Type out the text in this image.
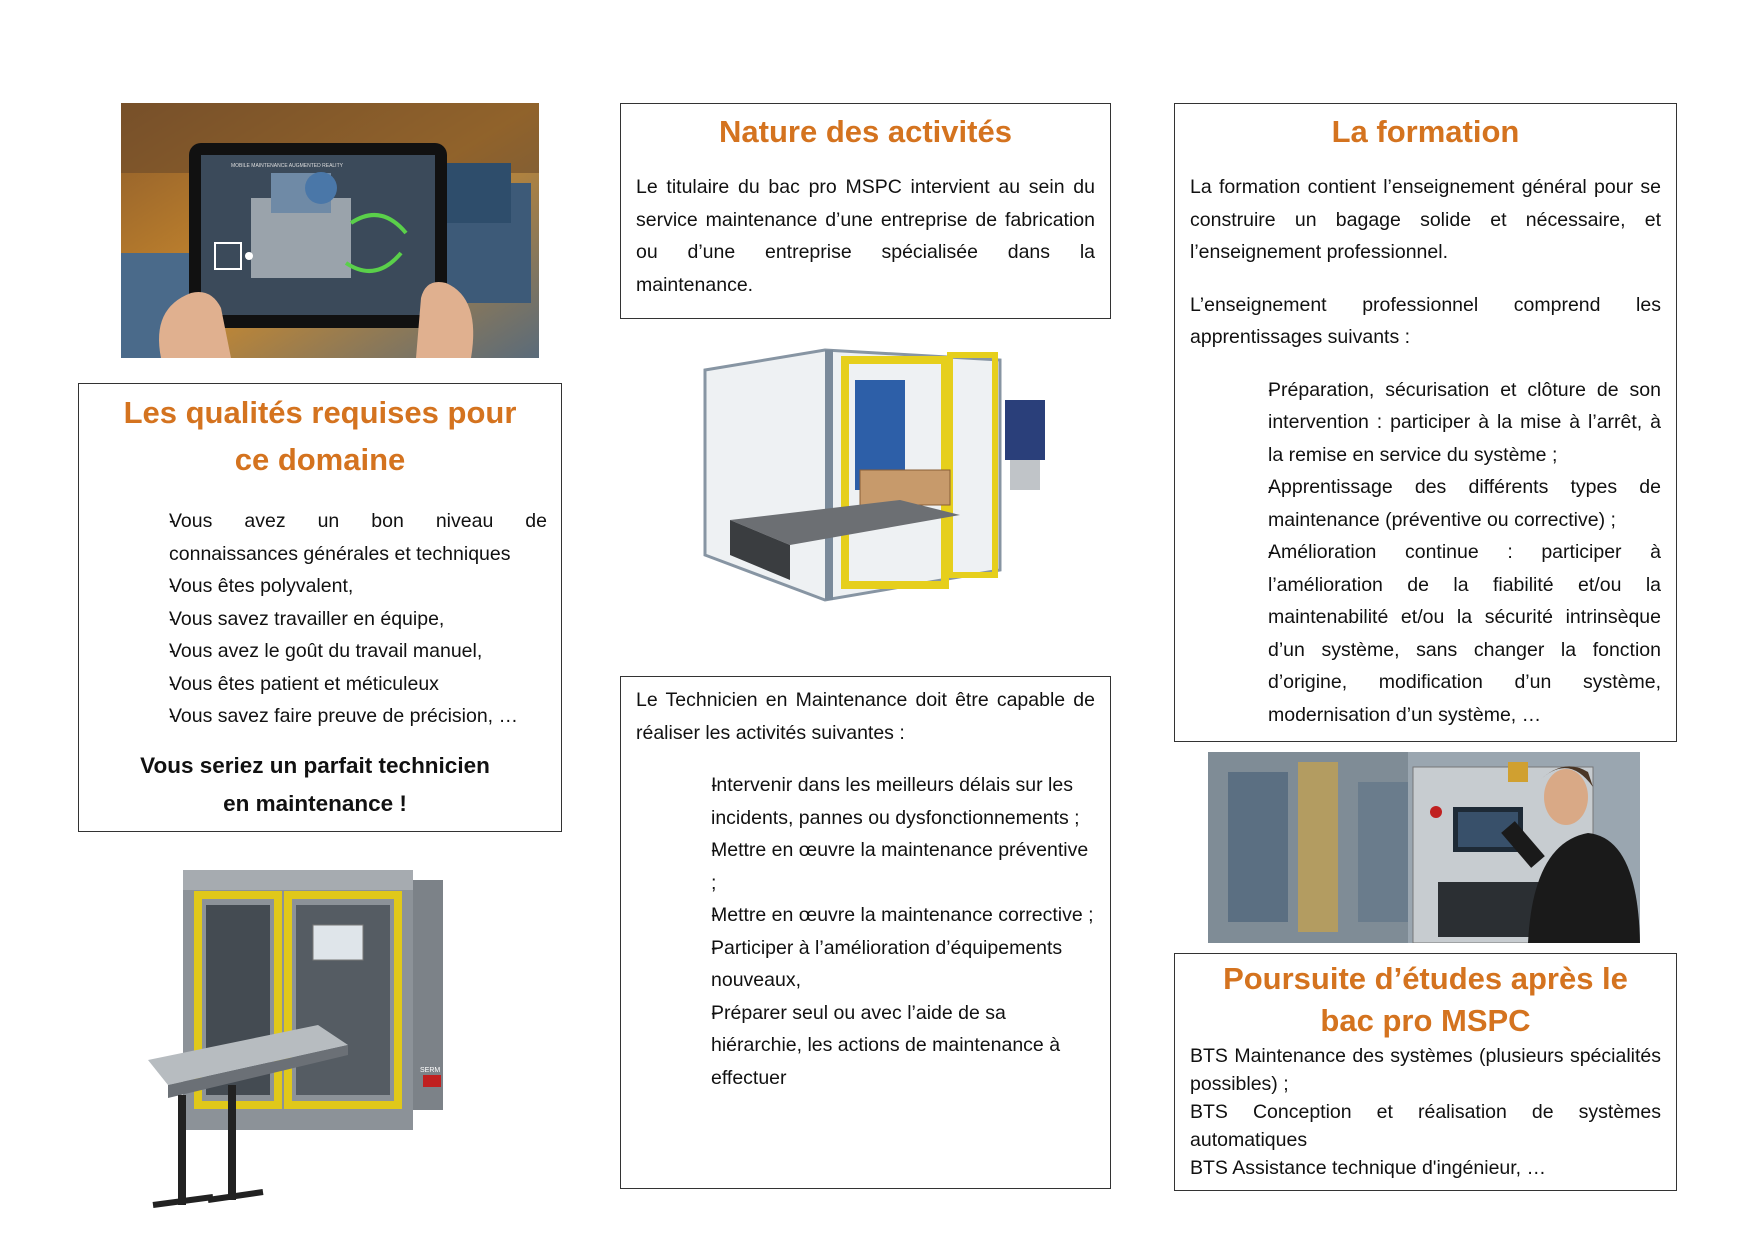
MOBILE MAINTENANCE AUGMENTED REALITY
Les qualités requises pour ce domaine
- Vous avez un bon niveau de connaissances générales et techniques
- Vous êtes polyvalent,
- Vous savez travailler en équipe,
- Vous avez le goût du travail manuel,
- Vous êtes patient et méticuleux
- Vous savez faire preuve de précision, …

Vous seriez un parfait technicien en maintenance !

SERM
Nature des activités

Le titulaire du bac pro MSPC intervient au sein du service maintenance d’une entreprise de fabrication ou d’une entreprise spécialisée dans la maintenance.

Le Technicien en Maintenance doit être capable de réaliser les activités suivantes :

- Intervenir dans les meilleurs délais sur les incidents, pannes ou dysfonctionnements ;
- Mettre en œuvre la maintenance préventive ;
- Mettre en œuvre la maintenance corrective ;
- Participer à l’amélioration d’équipements nouveaux,
- Préparer seul ou avec l’aide de sa hiérarchie, les actions de maintenance à effectuer
La formation

La formation contient l’enseignement général pour se construire un bagage solide et nécessaire, et l’enseignement professionnel.

L’enseignement professionnel comprend les apprentissages suivants :

- Préparation, sécurisation et clôture de son intervention : participer à la mise à l’arrêt, à la remise en service du système ;
- Apprentissage des différents types de maintenance (préventive ou corrective) ;
- Amélioration continue : participer à l’amélioration de la fiabilité et/ou la maintenabilité et/ou la sécurité intrinsèque d’un système, sans changer la fonction d’origine, modification d’un système, modernisation d’un système, …
Poursuite d’études après le bac pro MSPC

BTS Maintenance des systèmes (plusieurs spécialités possibles) ;

BTS Conception et réalisation de systèmes automatiques

BTS Assistance technique d'ingénieur, …
